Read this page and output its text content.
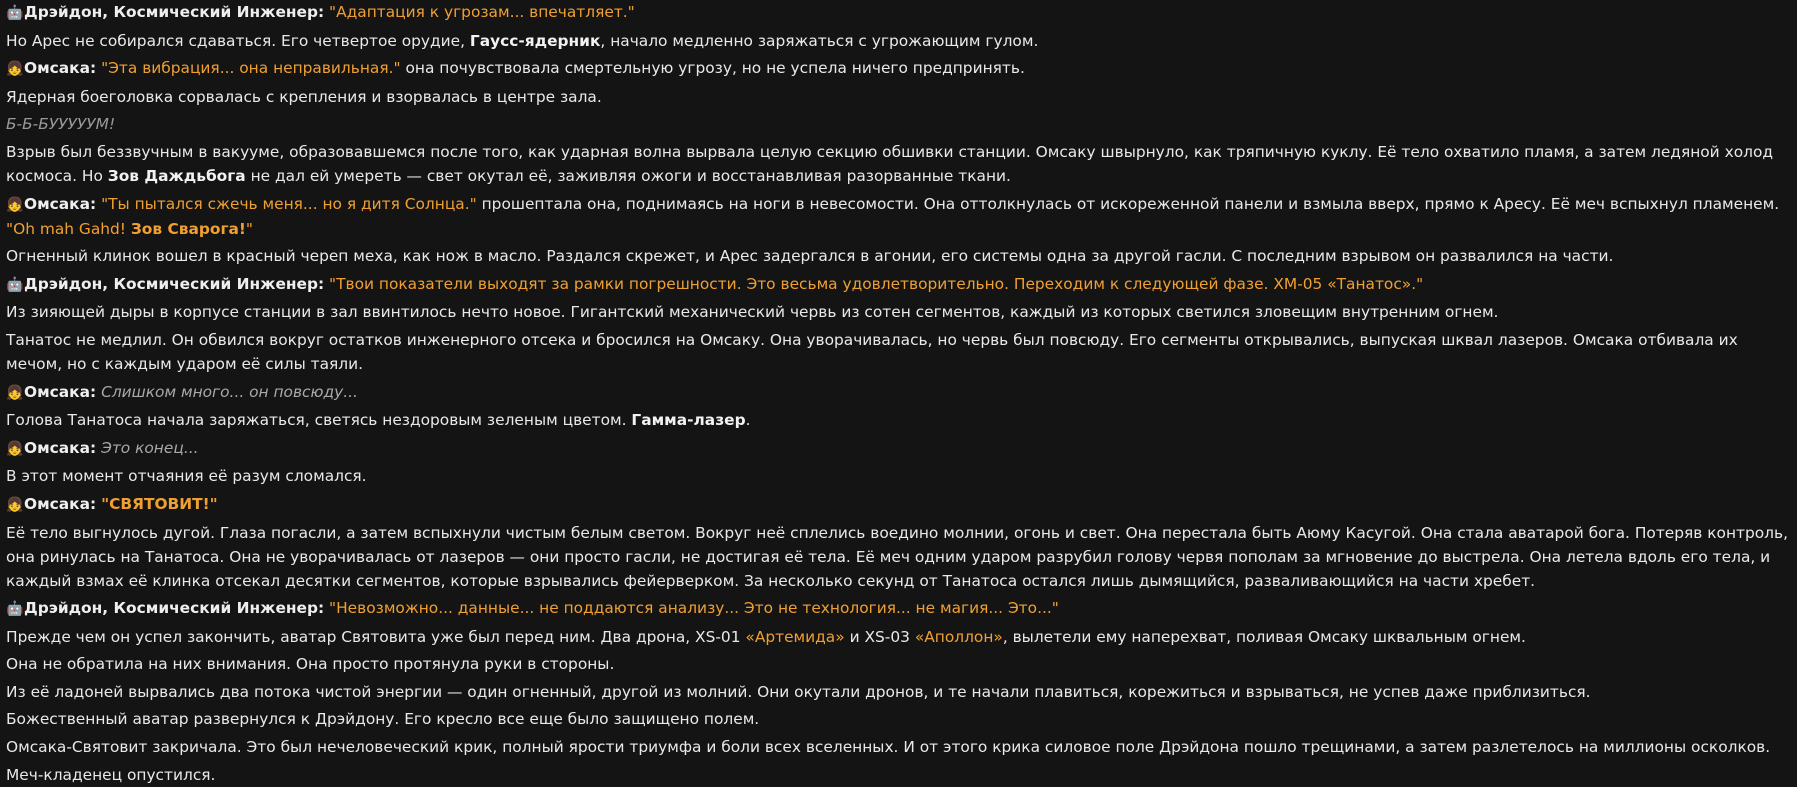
🤖Дрэйдон, Космический Инженер: "Адаптация к угрозам... впечатляет."

Но Арес не собирался сдаваться. Его четвертое орудие, Гаусс-ядерник, начало медленно заряжаться с угрожающим гулом.

👧Омсака: "Эта вибрация... она неправильная." она почувствовала смертельную угрозу, но не успела ничего предпринять.

Ядерная боеголовка сорвалась с крепления и взорвалась в центре зала.

Б-Б-БУУУУУМ!

Взрыв был беззвучным в вакууме, образовавшемся после того, как ударная волна вырвала целую секцию обшивки станции. Омсаку швырнуло, как тряпичную куклу. Её тело охватило пламя, а затем ледяной холод космоса. Но Зов Даждьбога не дал ей умереть — свет окутал её, заживляя ожоги и восстанавливая разорванные ткани.

👧Омсака: "Ты пытался сжечь меня... но я дитя Солнца." прошептала она, поднимаясь на ноги в невесомости. Она оттолкнулась от искореженной панели и взмыла вверх, прямо к Аресу. Её меч вспыхнул пламенем. "Oh mah Gahd! Зов Сварога!"

Огненный клинок вошел в красный череп меха, как нож в масло. Раздался скрежет, и Арес задергался в агонии, его системы одна за другой гасли. С последним взрывом он развалился на части.

🤖Дрэйдон, Космический Инженер: "Твои показатели выходят за рамки погрешности. Это весьма удовлетворительно. Переходим к следующей фазе. XM-05 «Танатос»."

Из зияющей дыры в корпусе станции в зал ввинтилось нечто новое. Гигантский механический червь из сотен сегментов, каждый из которых светился зловещим внутренним огнем.

Танатос не медлил. Он обвился вокруг остатков инженерного отсека и бросился на Омсаку. Она уворачивалась, но червь был повсюду. Его сегменты открывались, выпуская шквал лазеров. Омсака отбивала их мечом, но с каждым ударом её силы таяли.

👧Омсака: Слишком много... он повсюду...

Голова Танатоса начала заряжаться, светясь нездоровым зеленым цветом. Гамма-лазер.

👧Омсака: Это конец...

В этот момент отчаяния её разум сломался.

👧Омсака: "СВЯТОВИТ!"

Её тело выгнулось дугой. Глаза погасли, а затем вспыхнули чистым белым светом. Вокруг неё сплелись воедино молнии, огонь и свет. Она перестала быть Аюму Касугой. Она стала аватарой бога. Потеряв контроль, она ринулась на Танатоса. Она не уворачивалась от лазеров — они просто гасли, не достигая её тела. Её меч одним ударом разрубил голову червя пополам за мгновение до выстрела. Она летела вдоль его тела, и каждый взмах её клинка отсекал десятки сегментов, которые взрывались фейерверком. За несколько секунд от Танатоса остался лишь дымящийся, разваливающийся на части хребет.

🤖Дрэйдон, Космический Инженер: "Невозможно... данные... не поддаются анализу... Это не технология... не магия... Это..."

Прежде чем он успел закончить, аватар Святовита уже был перед ним. Два дрона, XS-01 «Артемида» и XS-03 «Аполлон», вылетели ему наперехват, поливая Омсаку шквальным огнем.

Она не обратила на них внимания. Она просто протянула руки в стороны.

Из её ладоней вырвались два потока чистой энергии — один огненный, другой из молний. Они окутали дронов, и те начали плавиться, корежиться и взрываться, не успев даже приблизиться.

Божественный аватар развернулся к Дрэйдону. Его кресло все еще было защищено полем.

Омсака-Святовит закричала. Это был нечеловеческий крик, полный ярости триумфа и боли всех вселенных. И от этого крика силовое поле Дрэйдона пошло трещинами, а затем разлетелось на миллионы осколков.

Меч-кладенец опустился.
